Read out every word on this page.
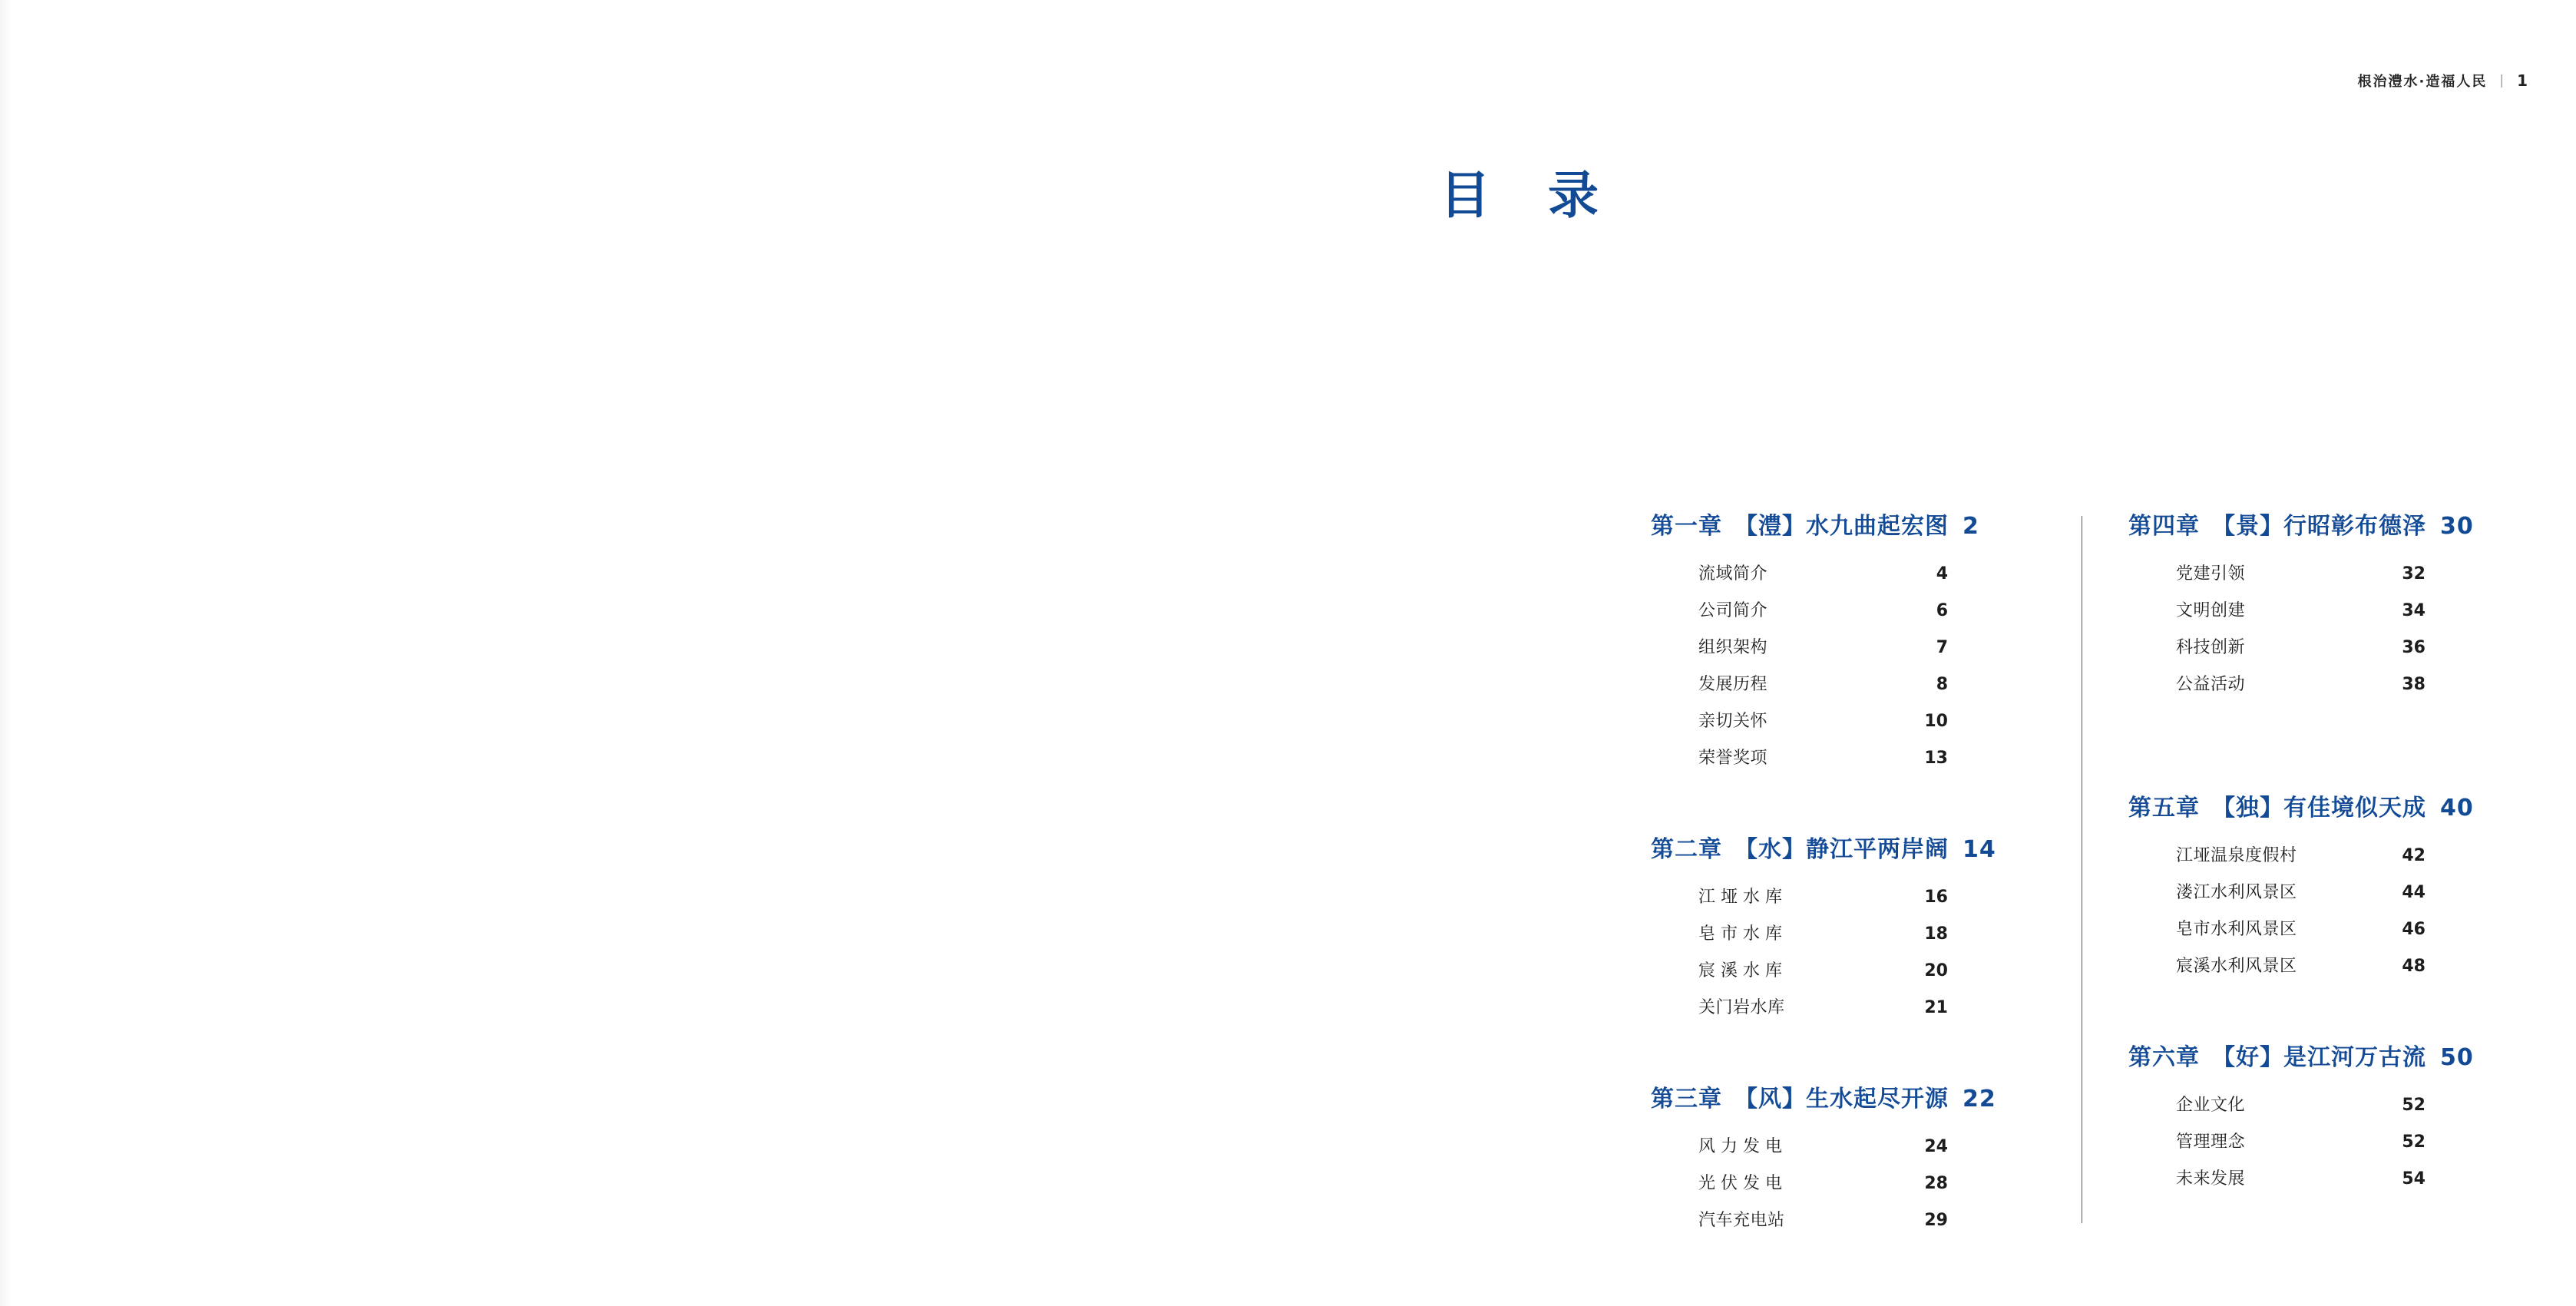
根治澧水·造福人民 | 1
目 录
第一章 【澧】水九曲起宏图 2
流域简介	4
公司简介	6
组织架构	7
发展历程	8
亲切关怀	10
荣誉奖项	13
第二章 【水】静江平两岸阔 14
江垭水库	16
皂市水库	18
宸溪水库	20
关门岩水库	21
第三章 【风】生水起尽开源 22
风力发电	24
光伏发电	28
汽车充电站	29
第四章 【景】行昭彰布德泽 30
党建引领	32
文明创建	34
科技创新	36
公益活动	38
第五章 【独】有佳境似天成 40
江垭温泉度假村	42
溇江水利风景区	44
皂市水利风景区	46
宸溪水利风景区	48
第六章 【好】是江河万古流 50
企业文化	52
管理理念	52
未来发展	54
